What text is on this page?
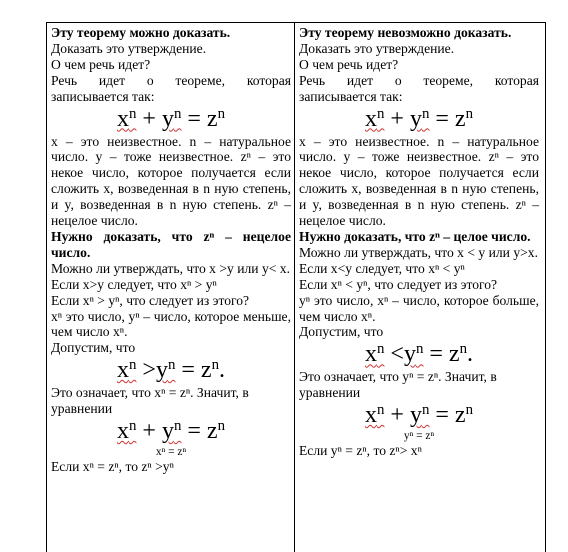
Эту теорему можно доказать.

Доказать это утверждение.

О чем речь идет?

Речь идет о теореме, которая записывается так:

$x^n + y^n = z^n$

x – это неизвестное. n – натуральное число. y – тоже неизвестное. zⁿ – это некое число, которое получается если сложить x, возведенная в n ную степень, и y, возведенная в n ную степень. zⁿ – нецелое число.

Нужно доказать, что zⁿ – нецелое число.

Можно ли утверждать, что x >y или y< x.

Если x>y следует, что xⁿ > yⁿ

Если xⁿ > yⁿ, что следует из этого?

xⁿ это число, yⁿ – число, которое меньше, чем число xⁿ.

Допустим, что

$x^n >y^n = z^n$.

Это означает, что xⁿ = zⁿ. Значит, в уравнении

$x^n + y^n = z^n$

xⁿ = zⁿ

Если xⁿ = zⁿ, то zⁿ >yⁿ

Эту теорему невозможно доказать.

Доказать это утверждение.

О чем речь идет?

Речь идет о теореме, которая записывается так:

$x^n + y^n = z^n$

x – это неизвестное. n – натуральное число. y – тоже неизвестное. zⁿ – это некое число, которое получается если сложить x, возведенная в n ную степень, и y, возведенная в n ную степень. zⁿ – нецелое число.

Нужно доказать, что zⁿ – целое число.

Можно ли утверждать, что x < y или y>x.

Если x<y следует, что xⁿ < yⁿ

Если xⁿ < yⁿ, что следует из этого?

yⁿ это число, xⁿ – число, которое больше, чем число xⁿ.

Допустим, что

$x^n <y^n = z^n$.

Это означает, что yⁿ = zⁿ. Значит, в уравнении

$x^n + y^n = z^n$

yⁿ = zⁿ

Если yⁿ = zⁿ, то zⁿ> xⁿ
